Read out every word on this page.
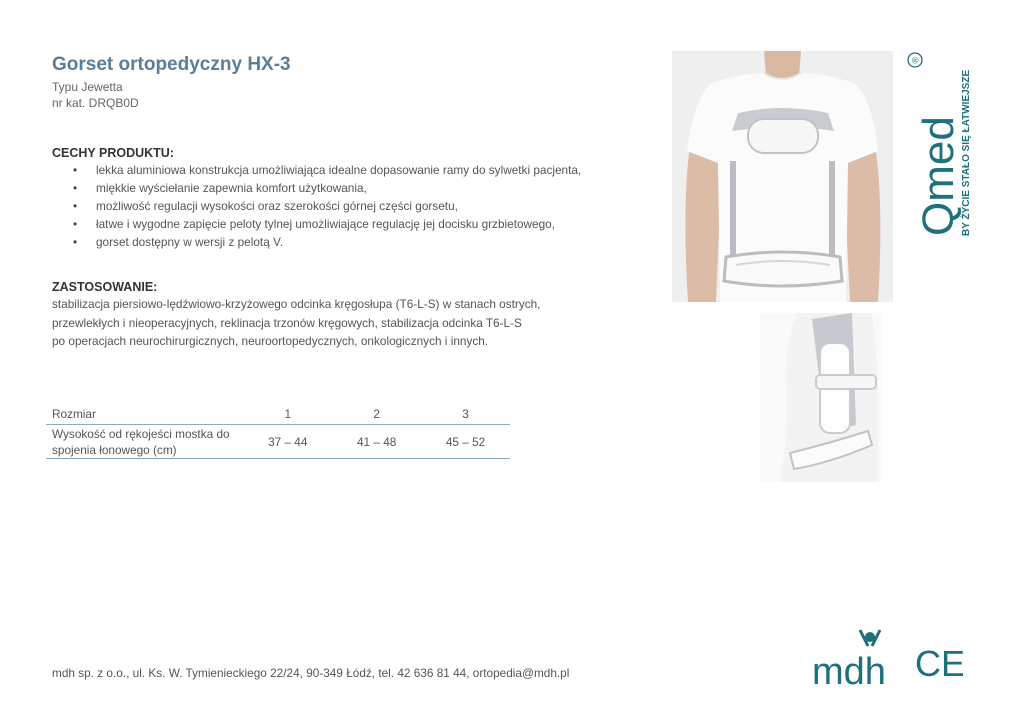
Gorset ortopedyczny HX-3
Typu Jewetta
nr kat. DRQB0D
CECHY PRODUKTU:
• lekka aluminiowa konstrukcja umożliwiająca idealne dopasowanie ramy do sylwetki pacjenta,
• miękkie wyściełanie zapewnia komfort użytkowania,
• możliwość regulacji wysokości oraz szerokości górnej części gorsetu,
• łatwe i wygodne zapięcie peloty tylnej umożliwiające regulację jej docisku grzbietowego,
• gorset dostępny w wersji z pelotą V.
ZASTOSOWANIE:
stabilizacja piersiowo-lędźwiowo-krzyżowego odcinka kręgosłupa (T6-L-S) w stanach ostrych,
przewlekłych i nieoperacyjnych, reklinacja trzonów kręgowych, stabilizacja odcinka T6-L-S
po operacjach neurochirurgicznych, neuroortopedycznych, onkologicznych i innych.
Rozmiar	1	2	3

Wysokość od rękojeści mostka do
spojenia łonowego (cm)	37 – 44	41 – 48	45 – 52
Qmed
BY ŻYCIE STAŁO SIĘ ŁATWIEJSZE
®
mdh CE
mdh sp. z o.o., ul. Ks. W. Tymienieckiego 22/24, 90-349 Łódź, tel. 42 636 81 44, ortopedia@mdh.pl
